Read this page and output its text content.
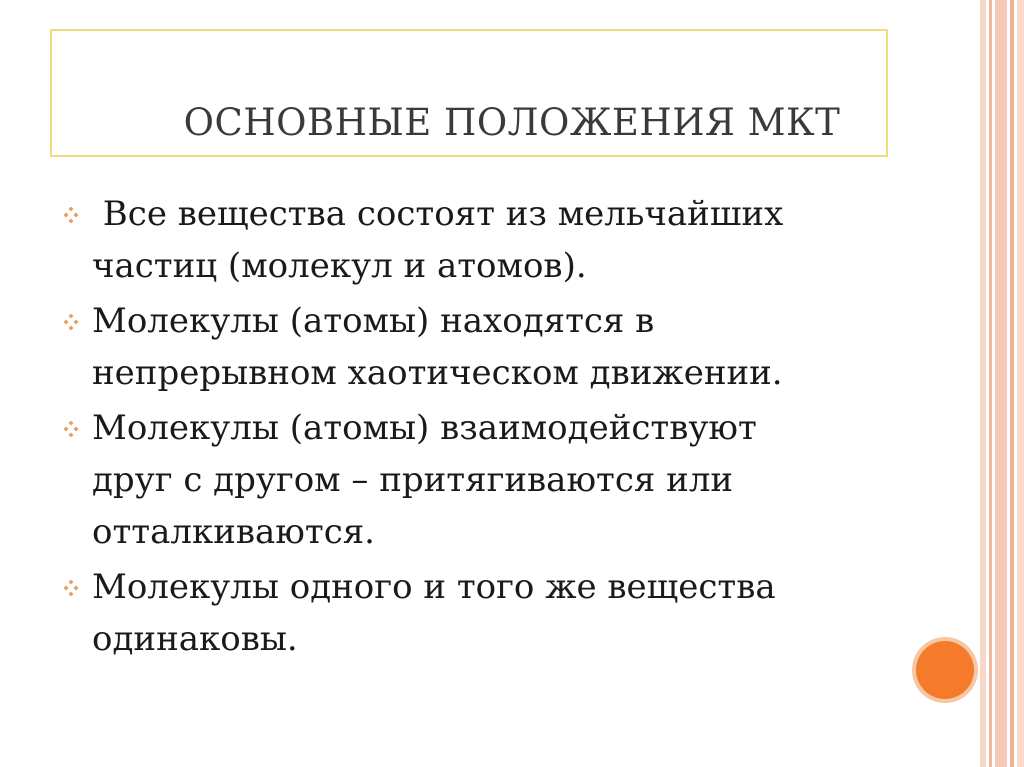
ОСНОВНЫЕ ПОЛОЖЕНИЯ МКТ
Все вещества состоят из мельчайших
частиц (молекул и атомов).
Молекулы (атомы) находятся в
непрерывном хаотическом движении.
Молекулы (атомы) взаимодействуют
друг с другом – притягиваются или
отталкиваются.
Молекулы одного и того же вещества
одинаковы.
